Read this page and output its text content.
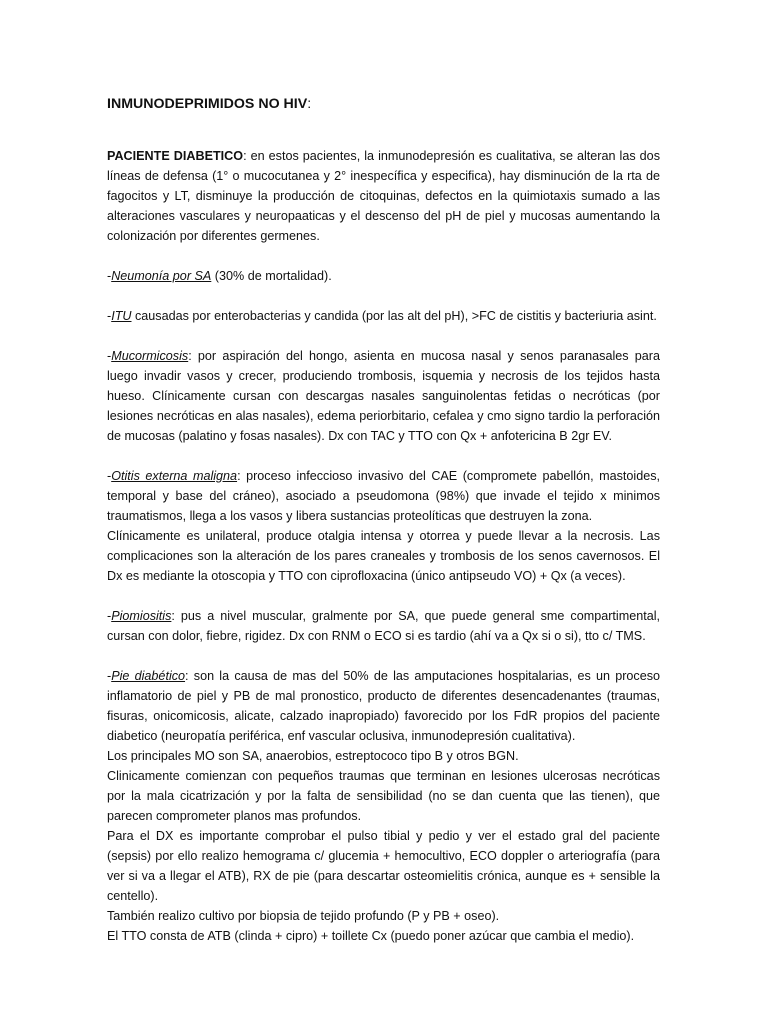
INMUNODEPRIMIDOS NO HIV:

PACIENTE DIABETICO: en estos pacientes, la inmunodepresión es cualitativa, se alteran las dos líneas de defensa (1° o mucocutanea y 2° inespecífica y especifica), hay disminución de la rta de fagocitos y LT, disminuye la producción de citoquinas, defectos en la quimiotaxis sumado a las alteraciones vasculares y neuropaaticas y el descenso del pH de piel y mucosas aumentando la colonización por diferentes germenes.

-Neumonía por SA (30% de mortalidad).

-ITU causadas por enterobacterias y candida (por las alt del pH), >FC de cistitis y bacteriuria asint.

-Mucormicosis: por aspiración del hongo, asienta en mucosa nasal y senos paranasales para luego invadir vasos y crecer, produciendo trombosis, isquemia y necrosis de los tejidos hasta hueso. Clínicamente cursan con descargas nasales sanguinolentas fetidas o necróticas (por lesiones necróticas en alas nasales), edema periorbitario, cefalea y cmo signo tardio la perforación de mucosas (palatino y fosas nasales). Dx con TAC y TTO con Qx + anfotericina B 2gr EV.

-Otitis externa maligna: proceso infeccioso invasivo del CAE (compromete pabellón, mastoides, temporal y base del cráneo), asociado a pseudomona (98%) que invade el tejido x minimos traumatismos, llega a los vasos y libera sustancias proteolíticas que destruyen la zona.

Clínicamente es unilateral, produce otalgia intensa y otorrea y puede llevar a la necrosis. Las complicaciones son la alteración de los pares craneales y trombosis de los senos cavernosos. El Dx es mediante la otoscopia y TTO con ciprofloxacina (único antipseudo VO) + Qx (a veces).

-Piomiositis: pus a nivel muscular, gralmente por SA, que puede general sme compartimental, cursan con dolor, fiebre, rigidez. Dx con RNM o ECO si es tardio (ahí va a Qx si o si), tto c/ TMS.

-Pie diabético: son la causa de mas del 50% de las amputaciones hospitalarias, es un proceso inflamatorio de piel y PB de mal pronostico, producto de diferentes desencadenantes (traumas, fisuras, onicomicosis, alicate, calzado inapropiado) favorecido por los FdR propios del paciente diabetico (neuropatía periférica, enf vascular oclusiva, inmunodepresión cualitativa).

Los principales MO son SA, anaerobios, estreptococo tipo B y otros BGN.

Clinicamente comienzan con pequeños traumas que terminan en lesiones ulcerosas necróticas por la mala cicatrización y por la falta de sensibilidad (no se dan cuenta que las tienen), que parecen comprometer planos mas profundos.

Para el DX es importante comprobar el pulso tibial y pedio y ver el estado gral del paciente (sepsis) por ello realizo hemograma c/ glucemia + hemocultivo, ECO doppler o arteriografía (para ver si va a llegar el ATB), RX de pie (para descartar osteomielitis crónica, aunque es + sensible la centello).

También realizo cultivo por biopsia de tejido profundo (P y PB + oseo).

El TTO consta de ATB (clinda + cipro) + toillete Cx (puedo poner azúcar que cambia el medio).
